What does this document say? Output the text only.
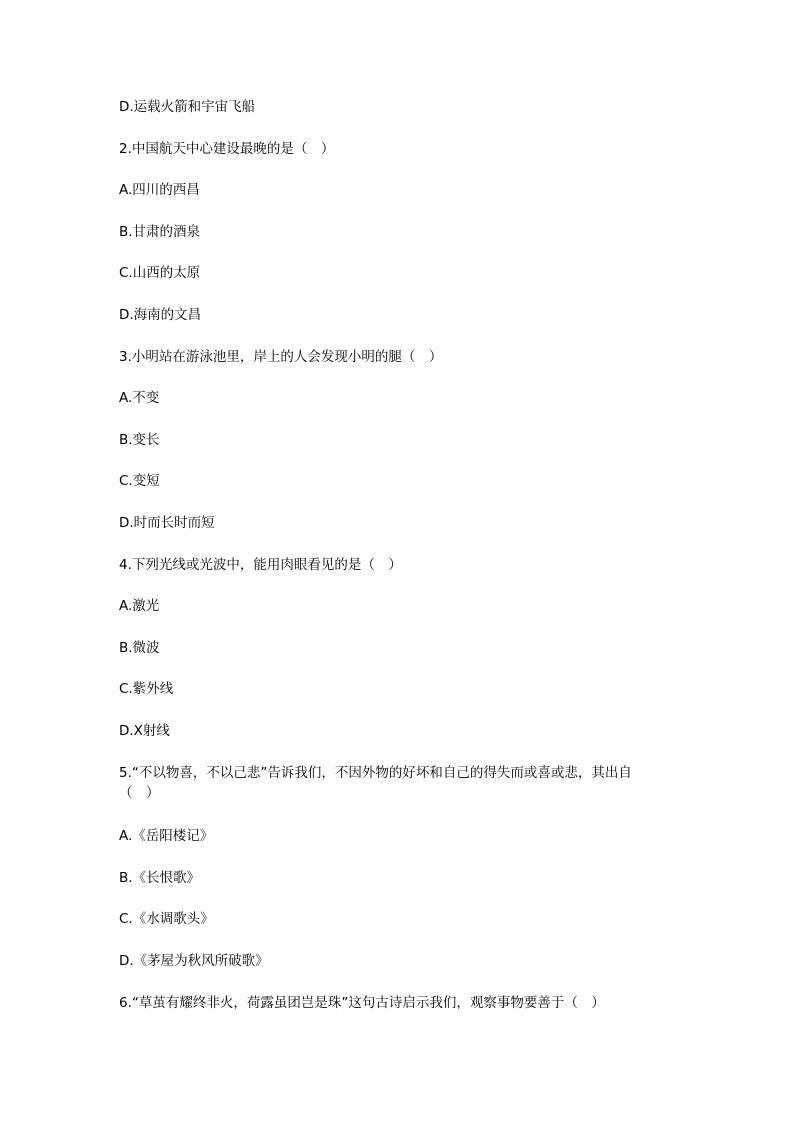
D.运载火箭和宇宙飞船
2.中国航天中心建设最晚的是（　）
A.四川的西昌
B.甘肃的酒泉
C.山西的太原
D.海南的文昌
3.小明站在游泳池里，岸上的人会发现小明的腿（　）
A.不变
B.变长
C.变短
D.时而长时而短
4.下列光线或光波中，能用肉眼看见的是（　）
A.激光
B.微波
C.紫外线
D.X射线
5.“不以物喜，不以己悲”告诉我们，不因外物的好坏和自己的得失而或喜或悲，其出自
（　）
A.《岳阳楼记》
B.《长恨歌》
C.《水调歌头》
D.《茅屋为秋风所破歌》
6.“草茧有耀终非火，荷露虽团岂是珠”这句古诗启示我们，观察事物要善于（　）
